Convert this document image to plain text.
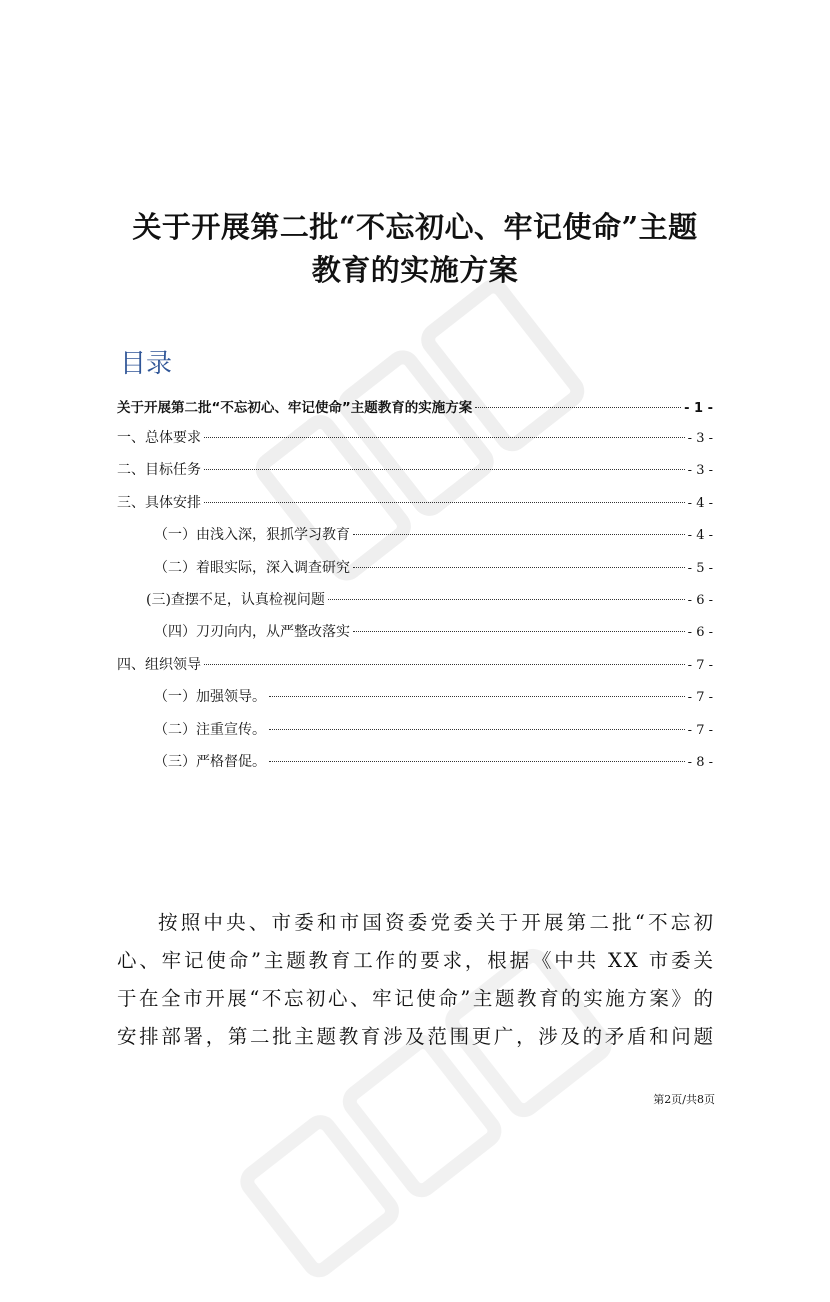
关于开展第二批“不忘初心、牢记使命”主题
教育的实施方案
目录
关于开展第二批“不忘初心、牢记使命”主题教育的实施方案	- 1 -
一、总体要求	- 3 -
二、目标任务	- 3 -
三、具体安排	- 4 -
（一）由浅入深，狠抓学习教育	- 4 -
（二）着眼实际，深入调查研究	- 5 -
(三)查摆不足，认真检视问题	- 6 -
（四）刀刃向内，从严整改落实	- 6 -
四、组织领导	- 7 -
（一）加强领导。	- 7 -
（二）注重宣传。	- 7 -
（三）严格督促。	- 8 -
按照中央、市委和市国资委党委关于开展第二批“不忘初
心、牢记使命”主题教育工作的要求，根据《中共 XX 市委关
于在全市开展“不忘初心、牢记使命”主题教育的实施方案》的
安排部署，第二批主题教育涉及范围更广，涉及的矛盾和问题
第2页/共8页
